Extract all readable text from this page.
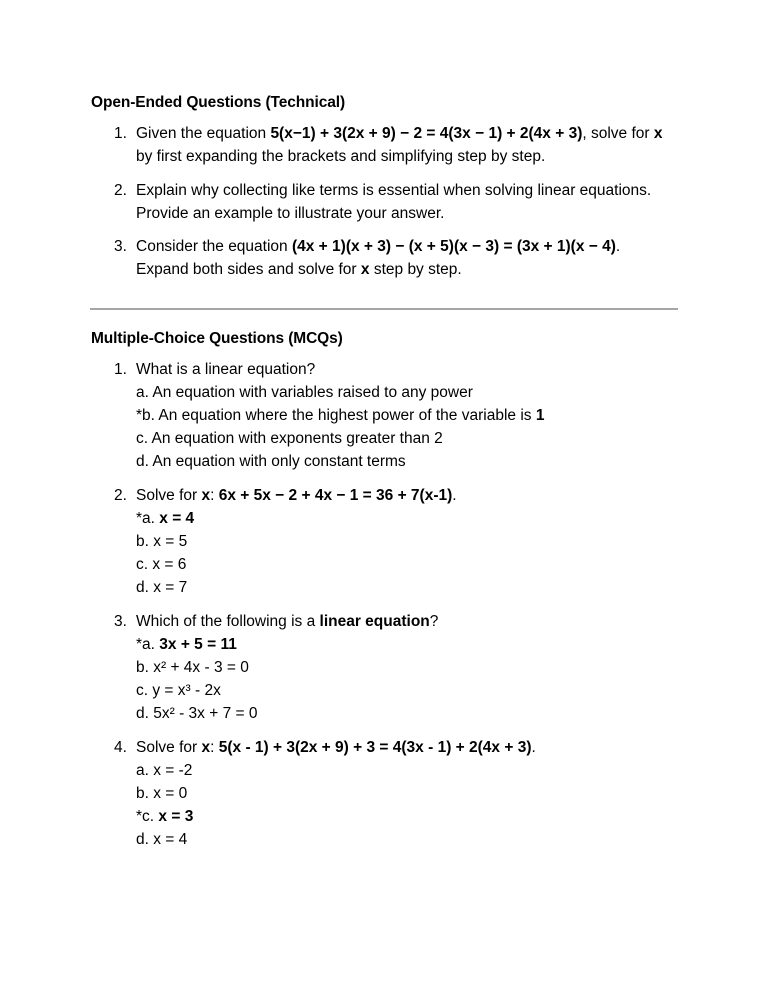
Open-Ended Questions (Technical)
1. Given the equation 5(x−1) + 3(2x + 9) − 2 = 4(3x − 1) + 2(4x + 3), solve for x
by first expanding the brackets and simplifying step by step.
2. Explain why collecting like terms is essential when solving linear equations.
Provide an example to illustrate your answer.
3. Consider the equation (4x + 1)(x + 3) − (x + 5)(x − 3) = (3x + 1)(x − 4).
Expand both sides and solve for x step by step.
Multiple-Choice Questions (MCQs)
1. What is a linear equation?
a. An equation with variables raised to any power
*b. An equation where the highest power of the variable is 1
c. An equation with exponents greater than 2
d. An equation with only constant terms
2. Solve for x: 6x + 5x − 2 + 4x − 1 = 36 + 7(x-1).
*a. x = 4
b. x = 5
c. x = 6
d. x = 7
3. Which of the following is a linear equation?
*a. 3x + 5 = 11
b. x² + 4x - 3 = 0
c. y = x³ - 2x
d. 5x² - 3x + 7 = 0
4. Solve for x: 5(x - 1) + 3(2x + 9) + 3 = 4(3x - 1) + 2(4x + 3).
a. x = -2
b. x = 0
*c. x = 3
d. x = 4
